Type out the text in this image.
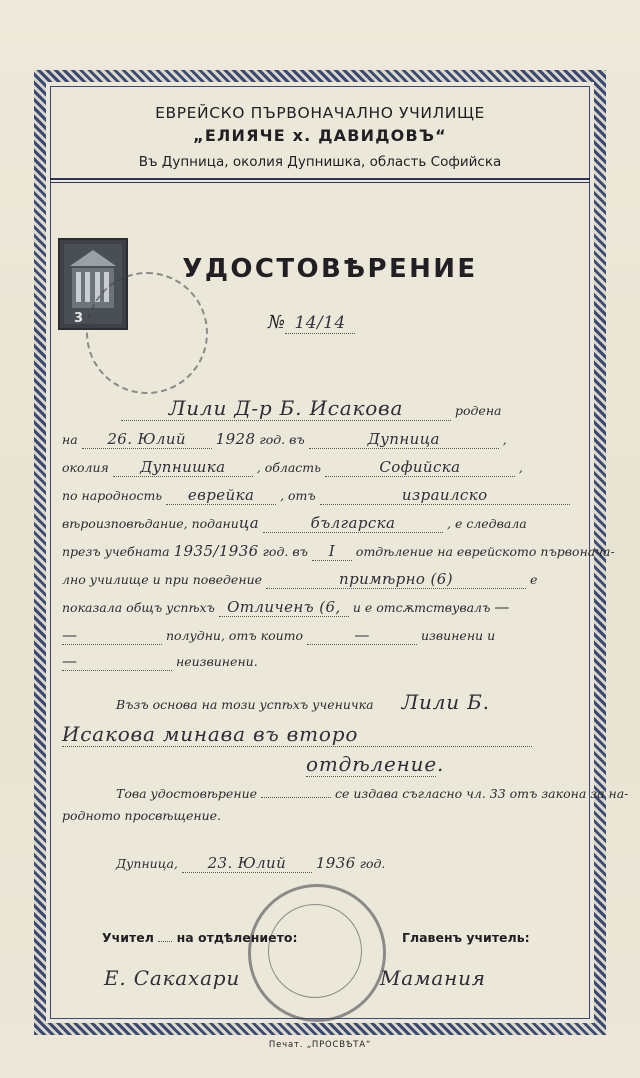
ЕВРЕЙСКО ПЪРВОНАЧАЛНО УЧИЛИЩЕ
„ЕЛИЯЧЕ х. ДАВИДОВЪ“
Въ Дупница, околия Дупнишка, область Софийска
3
УДОСТОВѢРЕНИЕ
№ 14/14
Лили Д-р Б. Исакова	родена
на 26. Юлий 1928 год. въ	Дупница	,
околия Дупнишка , область	Софийска	,
по народность еврейка , отъ	израилско
вѣроизповѣдание, поданица	българска	, е следвала
презъ учебната 1935/1936 год. въ I отдѣление на еврейското първонача-
лно училище и при поведение	примѣрно (6)	е
показала общъ успѣхъ Отличенъ (6, и е отсѫтствувалъ —
—	полудни, отъ които	—	извинени и
—	неизвинени.
Възъ основа на този успѣхъ ученичка Лили Б.
Исакова минава въ второ
отдѣление.
Това удостовѣрение	се издава съгласно чл. 33 отъ закона за на-
родното просвѣщение.
Дупница, 23. Юлий 1936 год.
Учител на отдѣлението:	Главенъ учитель:
Е. Сакахари	Мамания
Печат. „ПРОСВѢТА“
